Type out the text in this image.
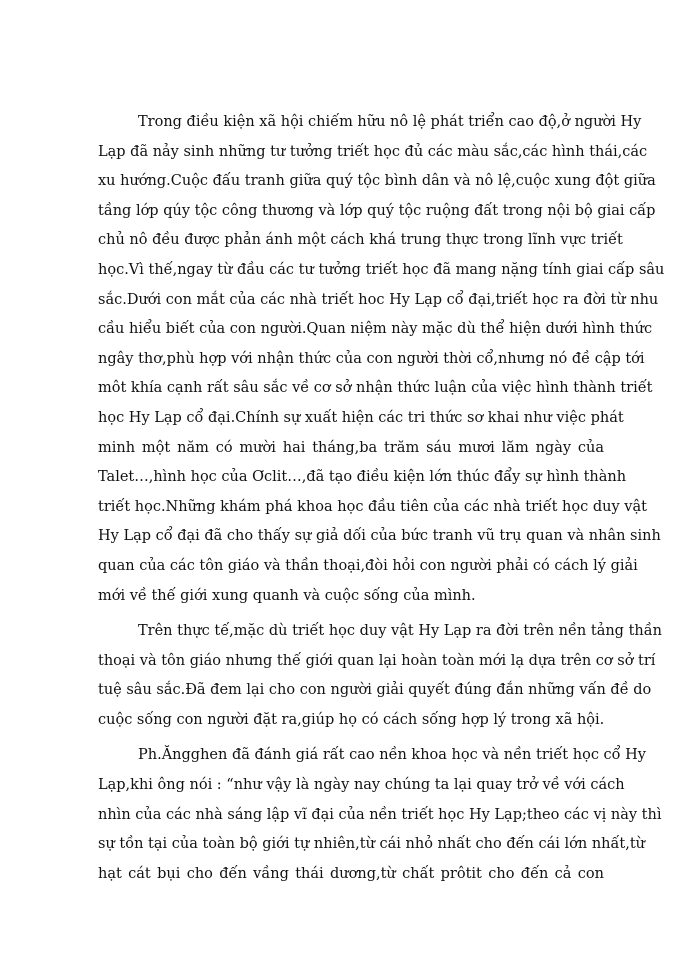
Trong điều kiện xã hội chiếm hữu nô lệ phát triển cao độ,ở người Hy
Lạp đã nảy sinh những tư tưởng triết học đủ các màu sắc,các hình thái,các
xu hướng.Cuộc đấu tranh giữa quý tộc bình dân và nô lệ,cuộc xung đột giữa
tầng lớp qúy tộc công thương và lớp quý tộc ruộng đất trong nội bộ giai cấp
chủ nô đều được phản ánh một cách khá trung thực trong lĩnh vực triết
học.Vì thế,ngay từ đầu các tư tưởng triết học đã mang nặng tính giai cấp sâu
sắc.Dưới con mắt của các nhà triết hoc Hy Lạp cổ đại,triết học ra đời từ nhu
cầu hiểu biết của con người.Quan niệm này mặc dù thể hiện dưới hình thức
ngây thơ,phù hợp với nhận thức của con người thời cổ,nhưng nó đề cập tới
môt khía cạnh rất sâu sắc về cơ sở nhận thức luận của việc hình thành triết
học Hy Lạp cổ đại.Chính sự xuất hiện các tri thức sơ khai như việc phát
minh một năm có mười hai tháng,ba trăm sáu mươi lăm ngày của
Talet…,hình học của Ơclit…,đã tạo điều kiện lớn thúc đẩy sự hình thành
triết học.Những khám phá khoa học đầu tiên của các nhà triết học duy vật
Hy Lạp cổ đại đã cho thấy sự giả dối của bức tranh vũ trụ quan và nhân sinh
quan của các tôn giáo và thần thoại,đòi hỏi con người phải có cách lý giải
mới về thế giới xung quanh và cuộc sống của mình.
Trên thực tế,mặc dù triết học duy vật Hy Lạp ra đời trên nền tảng thần
thoại và tôn giáo nhưng thế giới quan lại hoàn toàn mới lạ dựa trên cơ sở trí
tuệ sâu sắc.Đã đem lại cho con người giải quyết đúng đắn những vấn đề do
cuộc sống con người đặt ra,giúp họ có cách sống hợp lý trong xã hội.
Ph.Ăngghen đã đánh giá rất cao nền khoa học và nền triết học cổ Hy
Lạp,khi ông nói : “như vậy là ngày nay chúng ta lại quay trở về với cách
nhìn của các nhà sáng lập vĩ đại của nền triết học Hy Lạp;theo các vị này thì
sự tồn tại của toàn bộ giới tự nhiên,từ cái nhỏ nhất cho đến cái lớn nhất,từ
hạt cát bụi cho đến vầng thái dương,từ chất prôtit cho đến cả con
